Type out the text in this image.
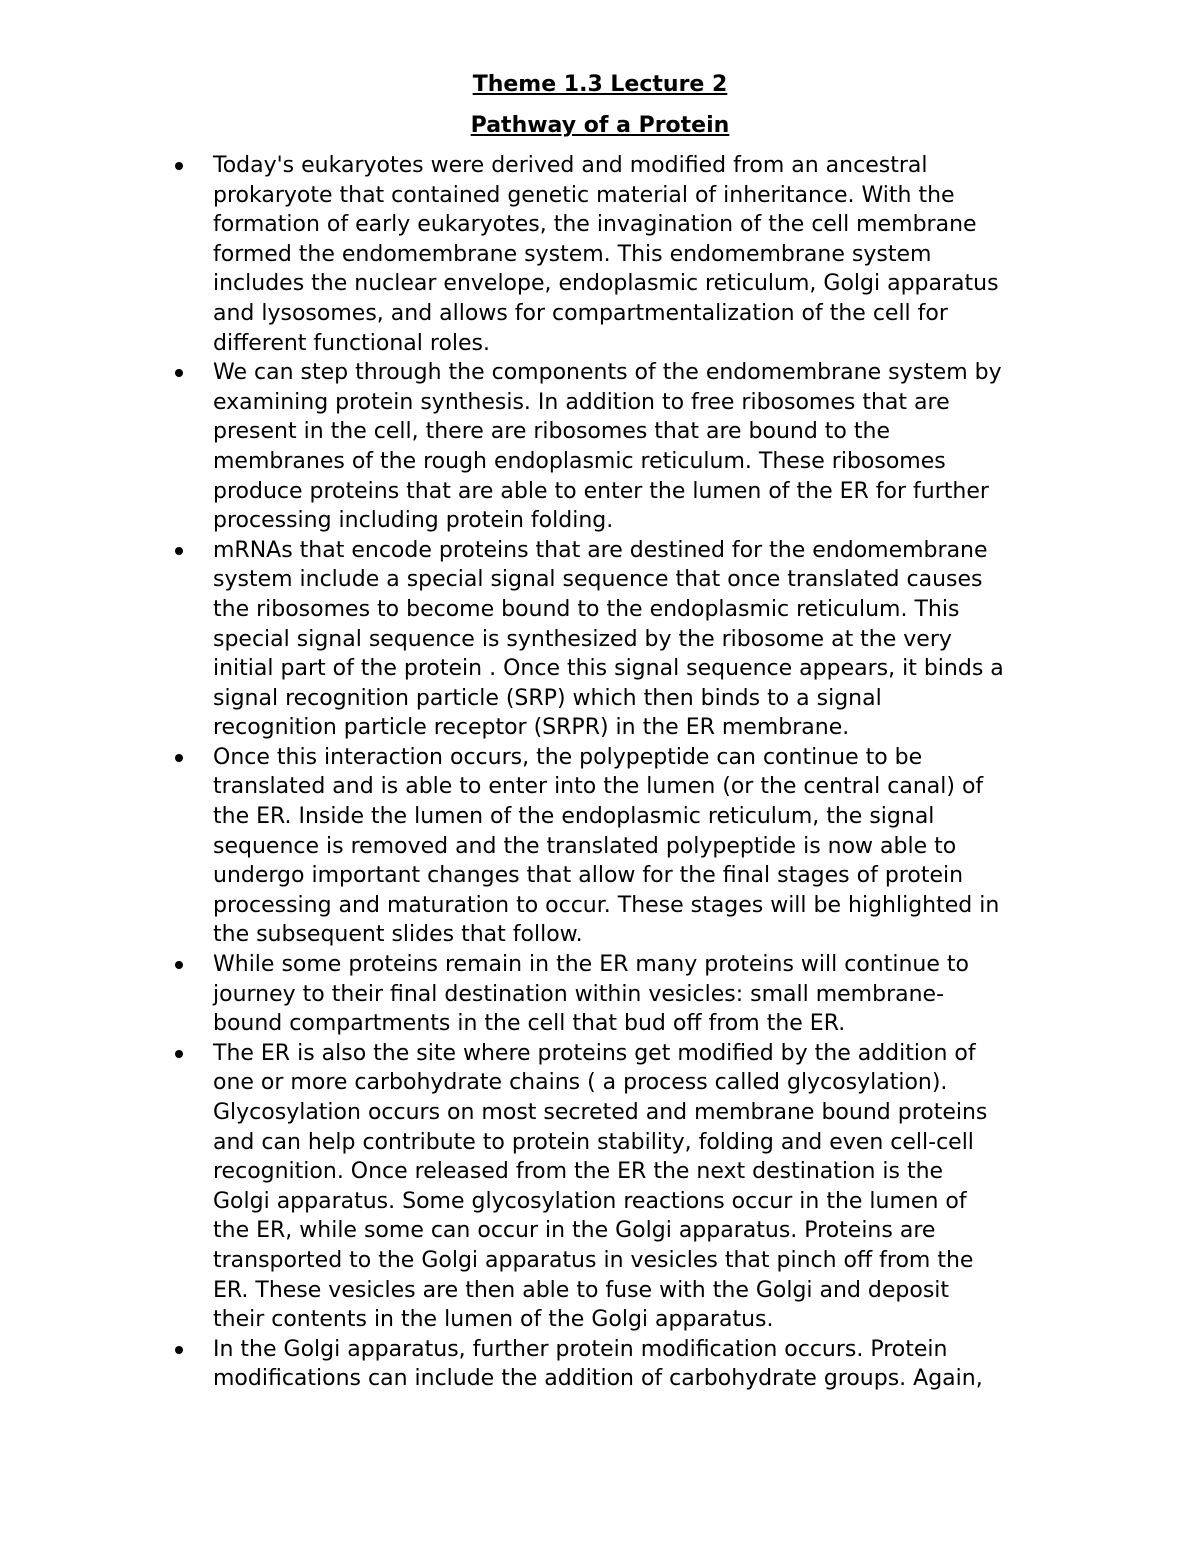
Theme 1.3 Lecture 2
Pathway of a Protein
Today's eukaryotes were derived and modified from an ancestral
prokaryote that contained genetic material of inheritance. With the
formation of early eukaryotes, the invagination of the cell membrane
formed the endomembrane system. This endomembrane system
includes the nuclear envelope, endoplasmic reticulum, Golgi apparatus
and lysosomes, and allows for compartmentalization of the cell for
different functional roles.
We can step through the components of the endomembrane system by
examining protein synthesis. In addition to free ribosomes that are
present in the cell, there are ribosomes that are bound to the
membranes of the rough endoplasmic reticulum. These ribosomes
produce proteins that are able to enter the lumen of the ER for further
processing including protein folding.
mRNAs that encode proteins that are destined for the endomembrane
system include a special signal sequence that once translated causes
the ribosomes to become bound to the endoplasmic reticulum. This
special signal sequence is synthesized by the ribosome at the very
initial part of the protein . Once this signal sequence appears, it binds a
signal recognition particle (SRP) which then binds to a signal
recognition particle receptor (SRPR) in the ER membrane.
Once this interaction occurs, the polypeptide can continue to be
translated and is able to enter into the lumen (or the central canal) of
the ER. Inside the lumen of the endoplasmic reticulum, the signal
sequence is removed and the translated polypeptide is now able to
undergo important changes that allow for the final stages of protein
processing and maturation to occur. These stages will be highlighted in
the subsequent slides that follow.
While some proteins remain in the ER many proteins will continue to
journey to their final destination within vesicles: small membrane-
bound compartments in the cell that bud off from the ER.
The ER is also the site where proteins get modified by the addition of
one or more carbohydrate chains ( a process called glycosylation).
Glycosylation occurs on most secreted and membrane bound proteins
and can help contribute to protein stability, folding and even cell-cell
recognition. Once released from the ER the next destination is the
Golgi apparatus. Some glycosylation reactions occur in the lumen of
the ER, while some can occur in the Golgi apparatus. Proteins are
transported to the Golgi apparatus in vesicles that pinch off from the
ER. These vesicles are then able to fuse with the Golgi and deposit
their contents in the lumen of the Golgi apparatus.
In the Golgi apparatus, further protein modification occurs. Protein
modifications can include the addition of carbohydrate groups. Again,
